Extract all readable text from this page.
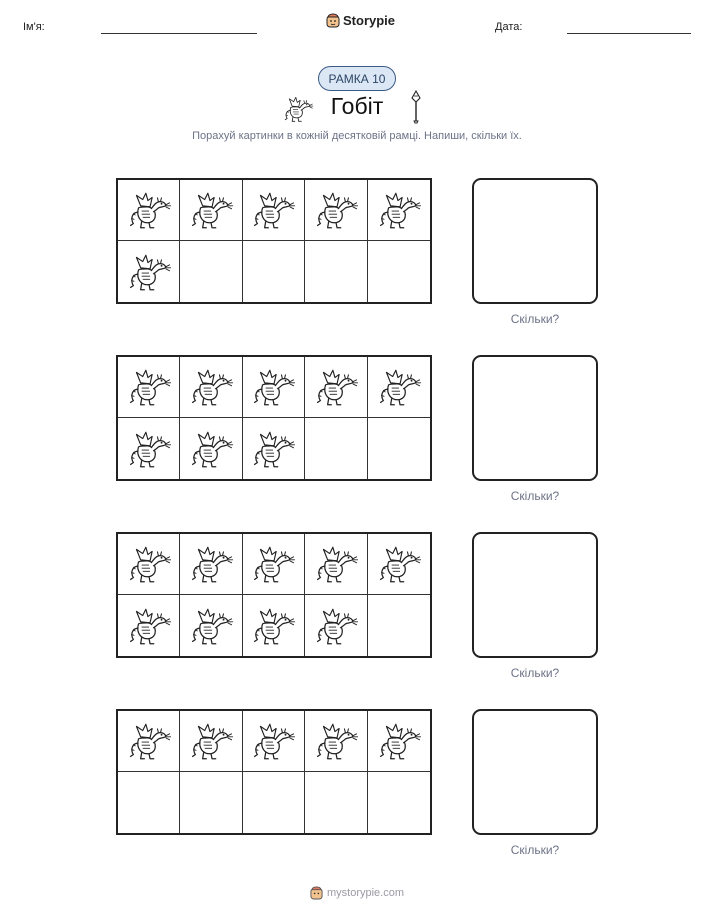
Ім'я:	Storypie	Дата:
РАМКА 10
Гобіт
Порахуй картинки в кожній десятковій рамці. Напиши, скільки їх.
Скільки?
Скільки?
Скільки?
Скільки?
mystorypie.com
